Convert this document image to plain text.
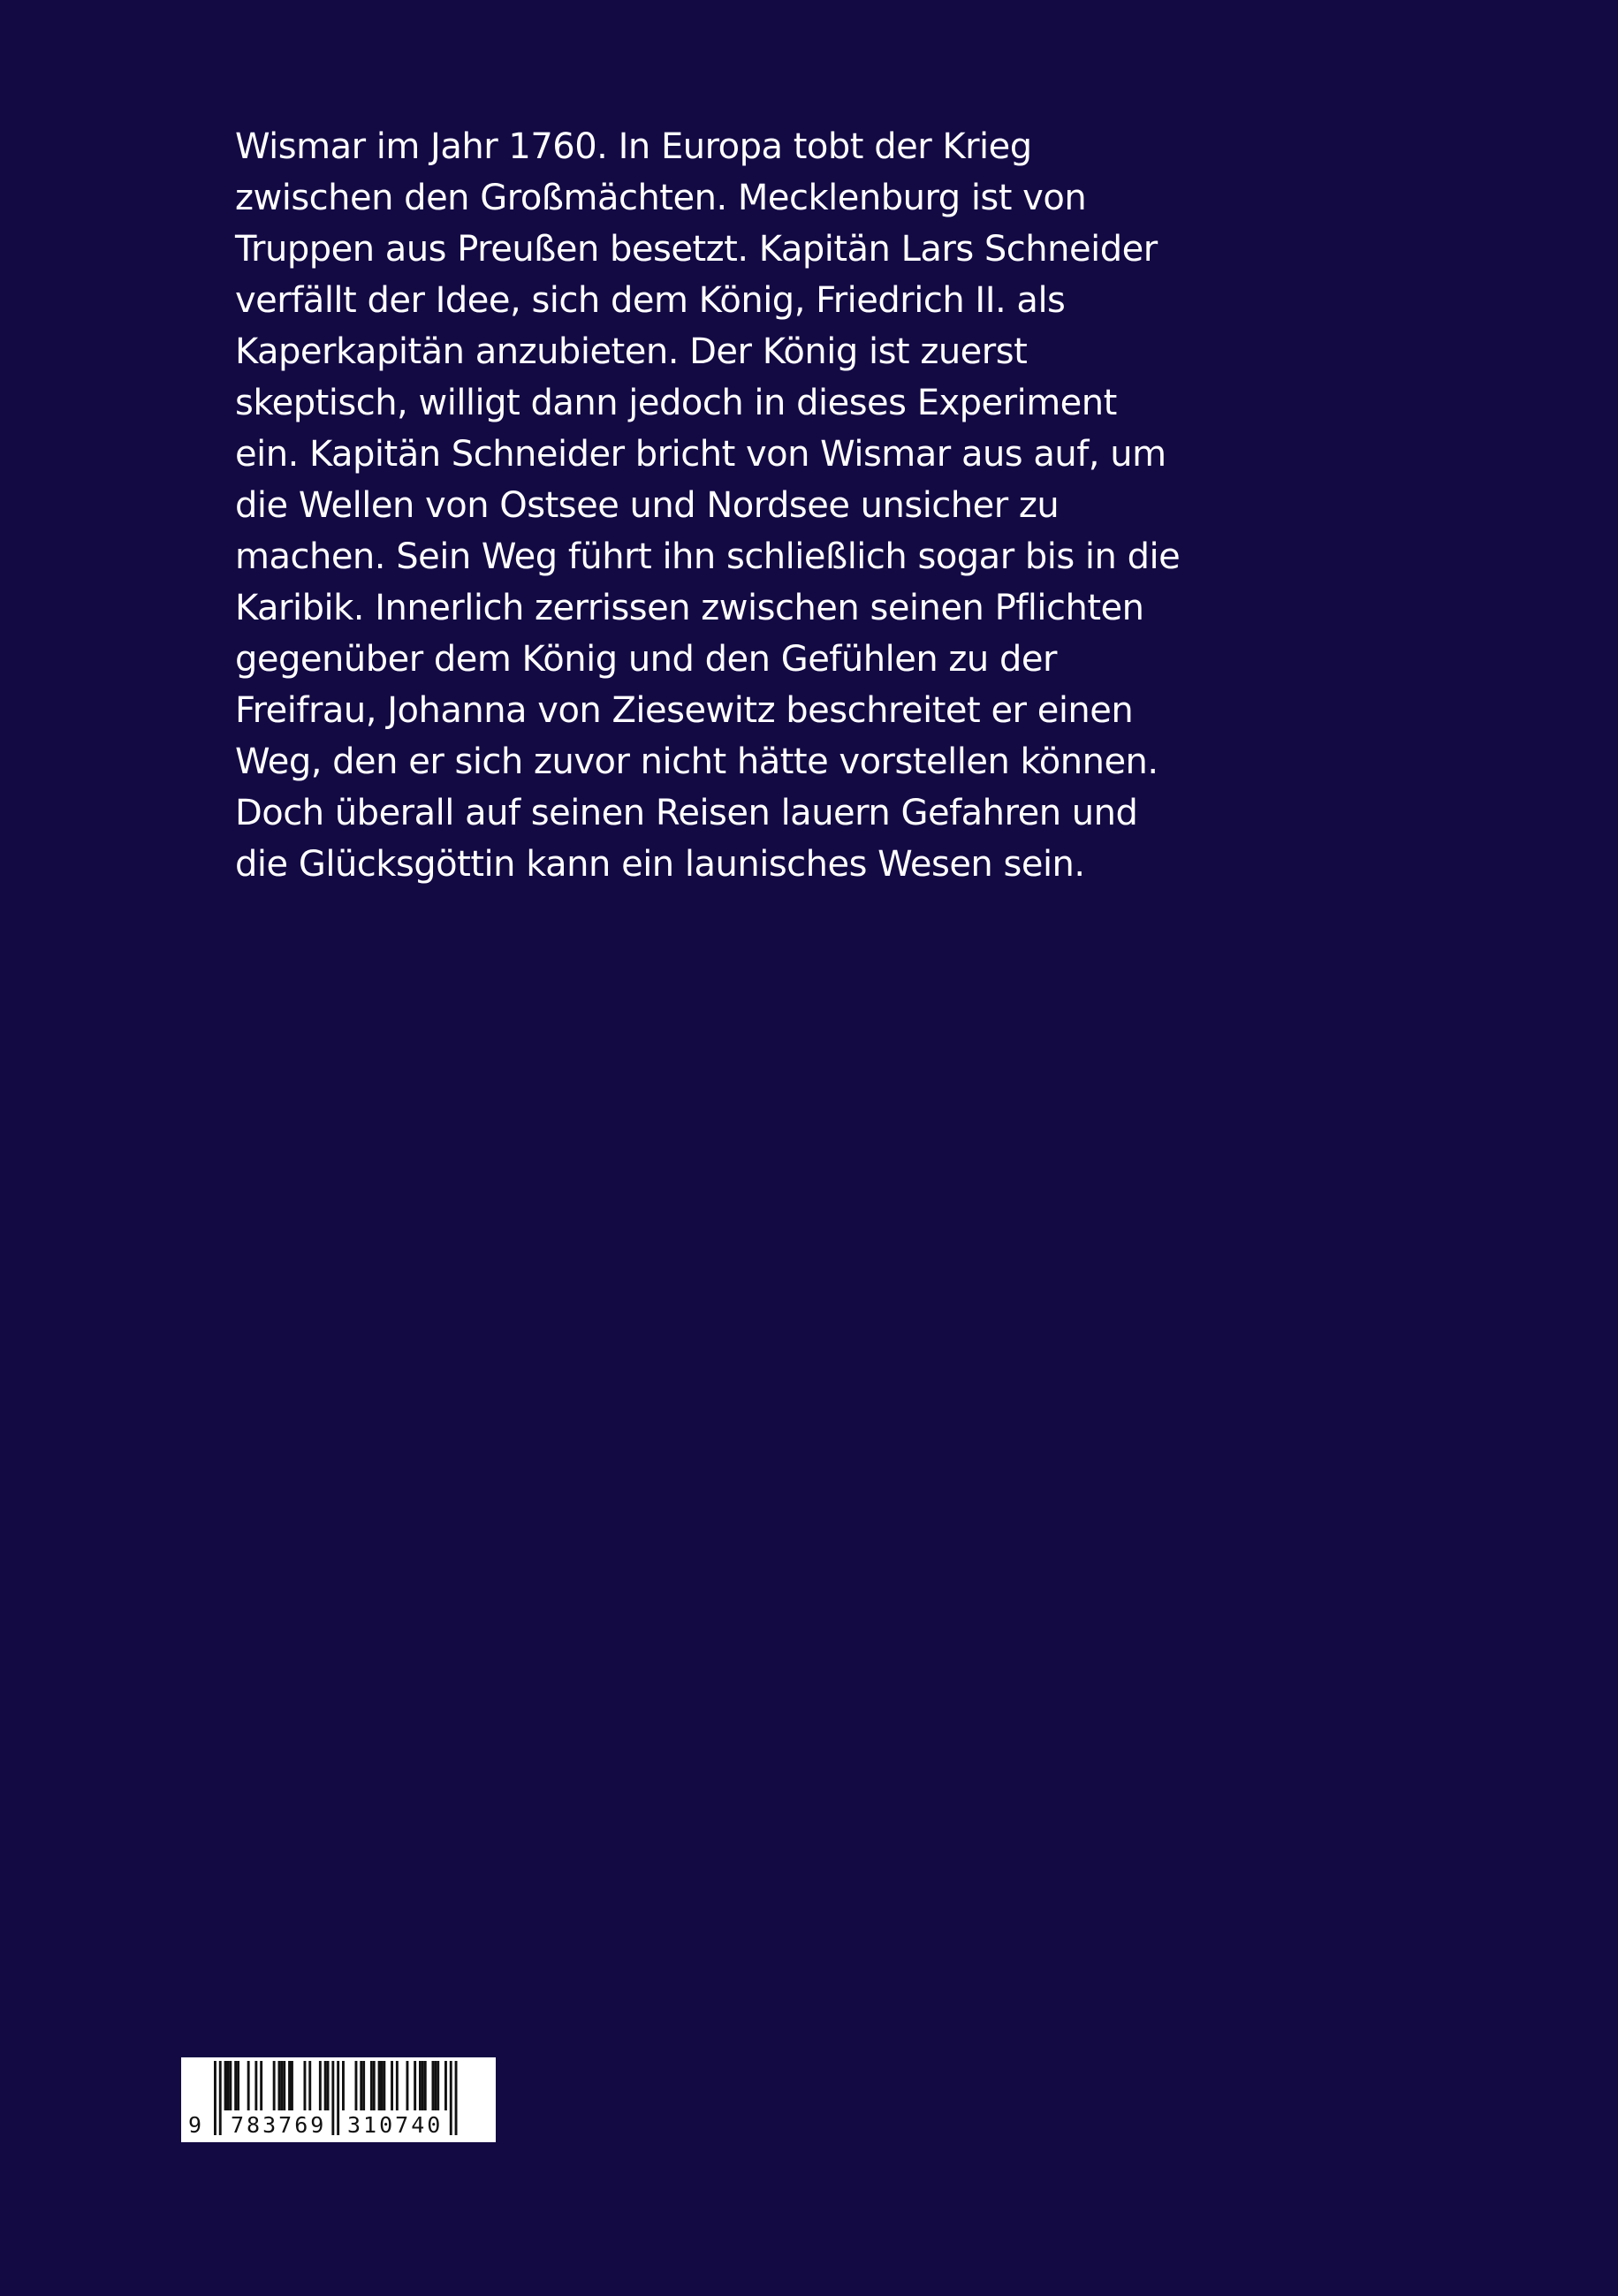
Wismar im Jahr 1760. In Europa tobt der Krieg
zwischen den Großmächten. Mecklenburg ist von
Truppen aus Preußen besetzt. Kapitän Lars Schneider
verfällt der Idee, sich dem König, Friedrich II. als
Kaperkapitän anzubieten. Der König ist zuerst
skeptisch, willigt dann jedoch in dieses Experiment
ein. Kapitän Schneider bricht von Wismar aus auf, um
die Wellen von Ostsee und Nordsee unsicher zu
machen. Sein Weg führt ihn schließlich sogar bis in die
Karibik. Innerlich zerrissen zwischen seinen Pflichten
gegenüber dem König und den Gefühlen zu der
Freifrau, Johanna von Ziesewitz beschreitet er einen
Weg, den er sich zuvor nicht hätte vorstellen können.
Doch überall auf seinen Reisen lauern Gefahren und
die Glücksgöttin kann ein launisches Wesen sein.

9 783769 310740
